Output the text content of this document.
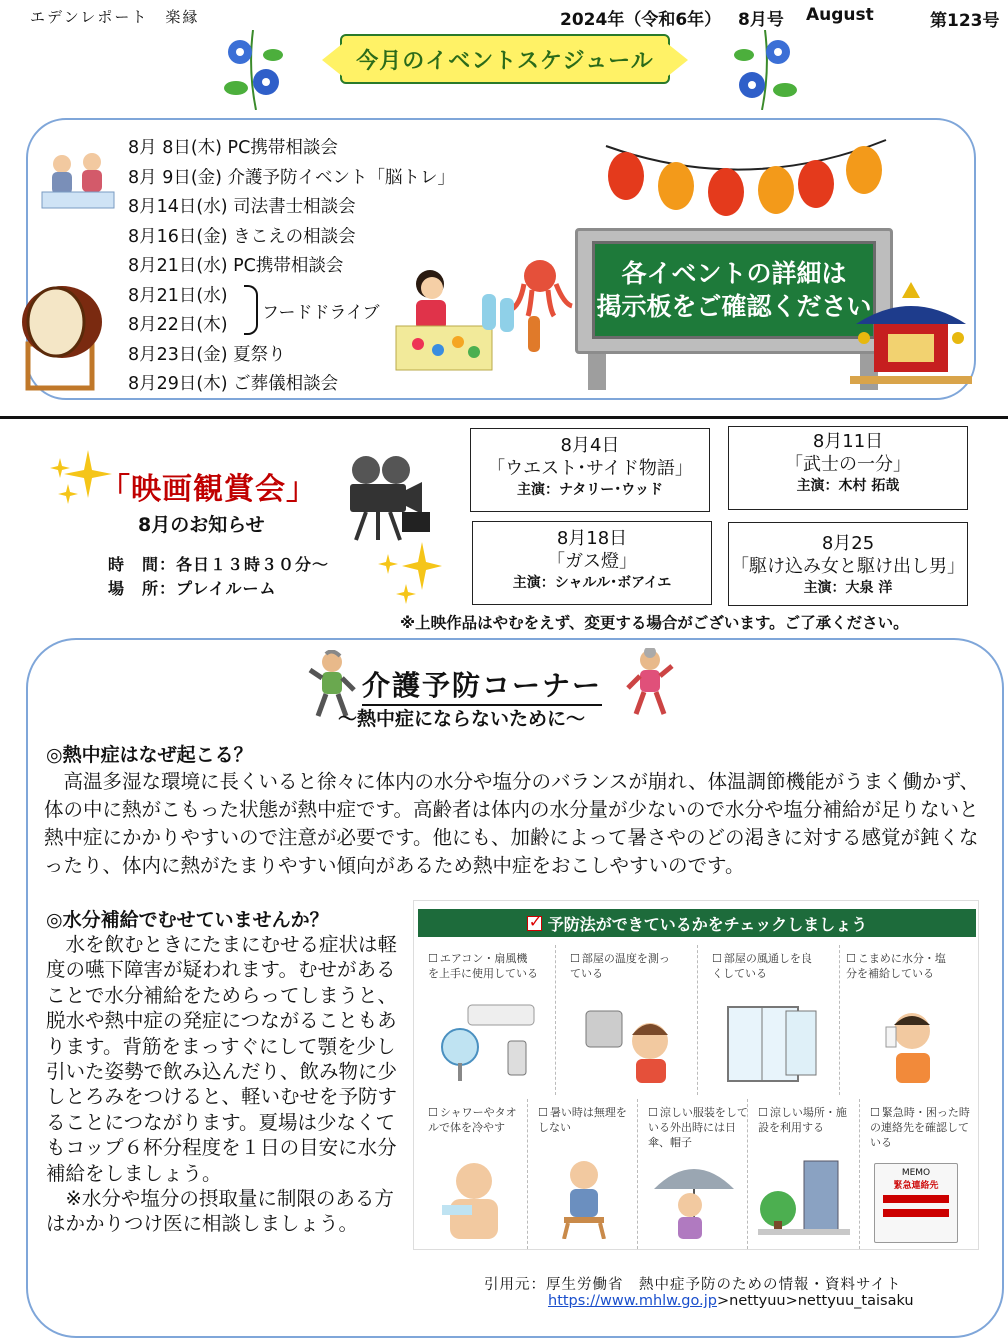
エデンレポート　楽縁	2024年（令和6年） 8月号 August	第123号
今月のイベントスケジュール
8月 8日(木) PC携帯相談会
8月 9日(金) 介護予防イベント「脳トレ」
8月14日(水) 司法書士相談会
8月16日(金) きこえの相談会
8月21日(水) PC携帯相談会
8月21日(水)
8月22日(木)
8月23日(金) 夏祭り
8月29日(木) ご葬儀相談会
フードドライブ
各イベントの詳細は
掲示板をご確認ください
「映画観賞会」
8月のお知らせ
時　間：各日１３時３０分～
場　所：プレイルーム
8月4日
「ウエスト･サイド物語」
主演：ナタリー･ウッド
8月11日
「武士の一分」
主演：木村 拓哉
8月18日
「ガス燈」
主演：シャルル･ボアイエ
8月25
「駆け込み女と駆け出し男」
主演：大泉 洋
※上映作品はやむをえず、変更する場合がございます。ご了承ください。
介護予防コーナー
～熱中症にならないために～
◎熱中症はなぜ起こる？
　高温多湿な環境に長くいると徐々に体内の水分や塩分のバランスが崩れ、体温調節機能がうまく働かず、体の中に熱がこもった状態が熱中症です。高齢者は体内の水分量が少ないので水分や塩分補給が足りないと熱中症にかかりやすいので注意が必要です。他にも、加齢によって暑さやのどの渇きに対する感覚が鈍くなったり、体内に熱がたまりやすい傾向があるため熱中症をおこしやすいのです。
◎水分補給でむせていませんか？
　水を飲むときにたまにむせる症状は軽度の嚥下障害が疑われます。むせがあることで水分補給をためらってしまうと、脱水や熱中症の発症につながることもあります。背筋をまっすぐにして顎を少し引いた姿勢で飲み込んだり、飲み物に少しとろみをつけると、軽いむせを予防することにつながります。夏場は少なくてもコップ６杯分程度を１日の目安に水分補給をしましょう。
　※水分や塩分の摂取量に制限のある方はかかりつけ医に相談しましょう。
✓
予防法ができているかをチェックしましょう
☐ エアコン・扇風機を上手に使用している
☐ 部屋の温度を測っている
☐ 部屋の風通しを良くしている
☐ こまめに水分・塩分を補給している
☐ シャワーやタオルで体を冷やす
☐ 暑い時は無理をしない
☐ 涼しい服装をしている外出時には日傘、帽子
☐ 涼しい場所・施設を利用する
☐ 緊急時・困った時の連絡先を確認している
MEMO
緊急連絡先
引用元：厚生労働省　熱中症予防のための情報・資料サイト
https://www.mhlw.go.jp>nettyuu>nettyuu_taisaku
